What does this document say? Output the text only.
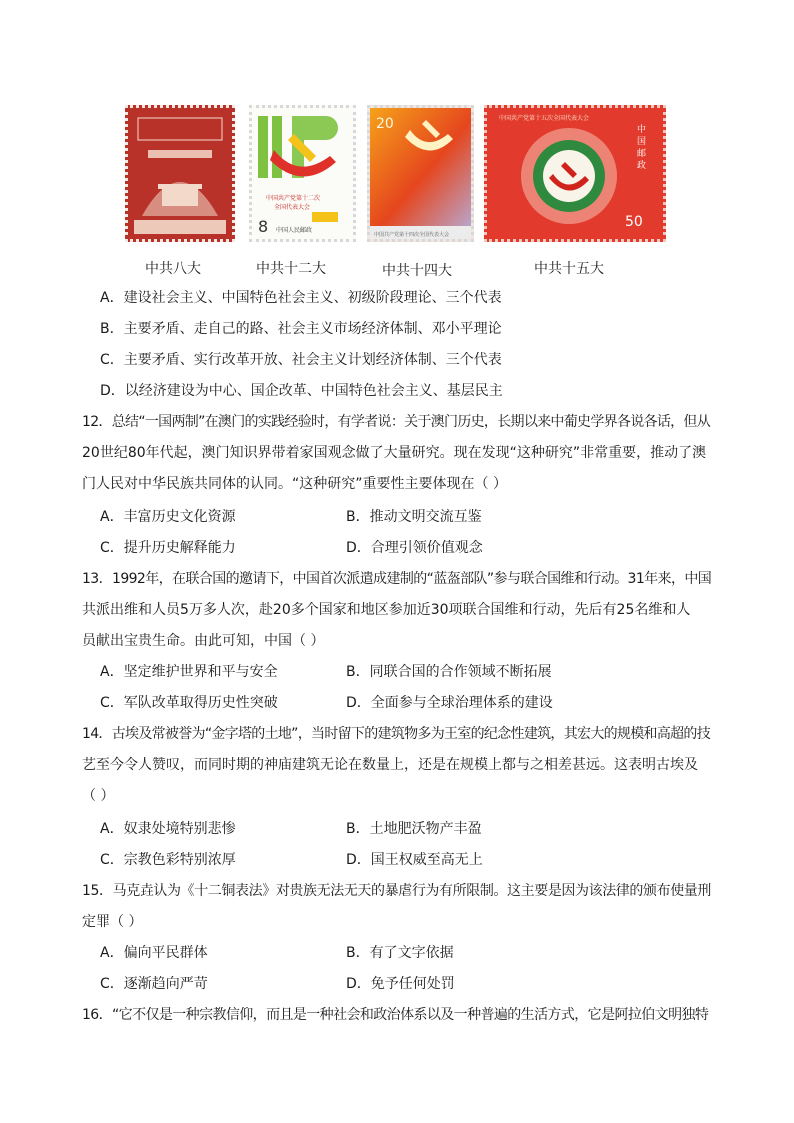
中国共产党第十二次
全国代表大会
8 中国人民邮政
20
中国共产党第十四次全国代表大会
中国共产党第十五次全国代表大会
中
国
邮
政
50
中共八大	中共十二大	中共十四大	中共十五大
A．建设社会主义、中国特色社会主义、初级阶段理论、三个代表
B．主要矛盾、走自己的路、社会主义市场经济体制、邓小平理论
C．主要矛盾、实行改革开放、社会主义计划经济体制、三个代表
D．以经济建设为中心、国企改革、中国特色社会主义、基层民主
12．总结“一国两制”在澳门的实践经验时，有学者说：关于澳门历史，长期以来中葡史学界各说各话，但从
20世纪80年代起，澳门知识界带着家国观念做了大量研究。现在发现“这种研究”非常重要，推动了澳
门人民对中华民族共同体的认同。“这种研究”重要性主要体现在（ ）
A．丰富历史文化资源	B．推动文明交流互鉴
C．提升历史解释能力	D．合理引领价值观念
13．1992年，在联合国的邀请下，中国首次派遣成建制的“蓝盔部队”参与联合国维和行动。31年来，中国
共派出维和人员5万多人次，赴20多个国家和地区参加近30项联合国维和行动，先后有25名维和人
员献出宝贵生命。由此可知，中国（ ）
A．坚定维护世界和平与安全	B．同联合国的合作领域不断拓展
C．军队改革取得历史性突破	D．全面参与全球治理体系的建设
14．古埃及常被誉为“金字塔的土地”，当时留下的建筑物多为王室的纪念性建筑，其宏大的规模和高超的技
艺至今令人赞叹，而同时期的神庙建筑无论在数量上，还是在规模上都与之相差甚远。这表明古埃及
（ ）
A．奴隶处境特别悲惨	B．土地肥沃物产丰盈
C．宗教色彩特别浓厚	D．国王权威至高无上
15．马克垚认为《十二铜表法》对贵族无法无天的暴虐行为有所限制。这主要是因为该法律的颁布使量刑
定罪（ ）
A．偏向平民群体	B．有了文字依据
C．逐渐趋向严苛	D．免予任何处罚
16．“它不仅是一种宗教信仰，而且是一种社会和政治体系以及一种普遍的生活方式，它是阿拉伯文明独特
